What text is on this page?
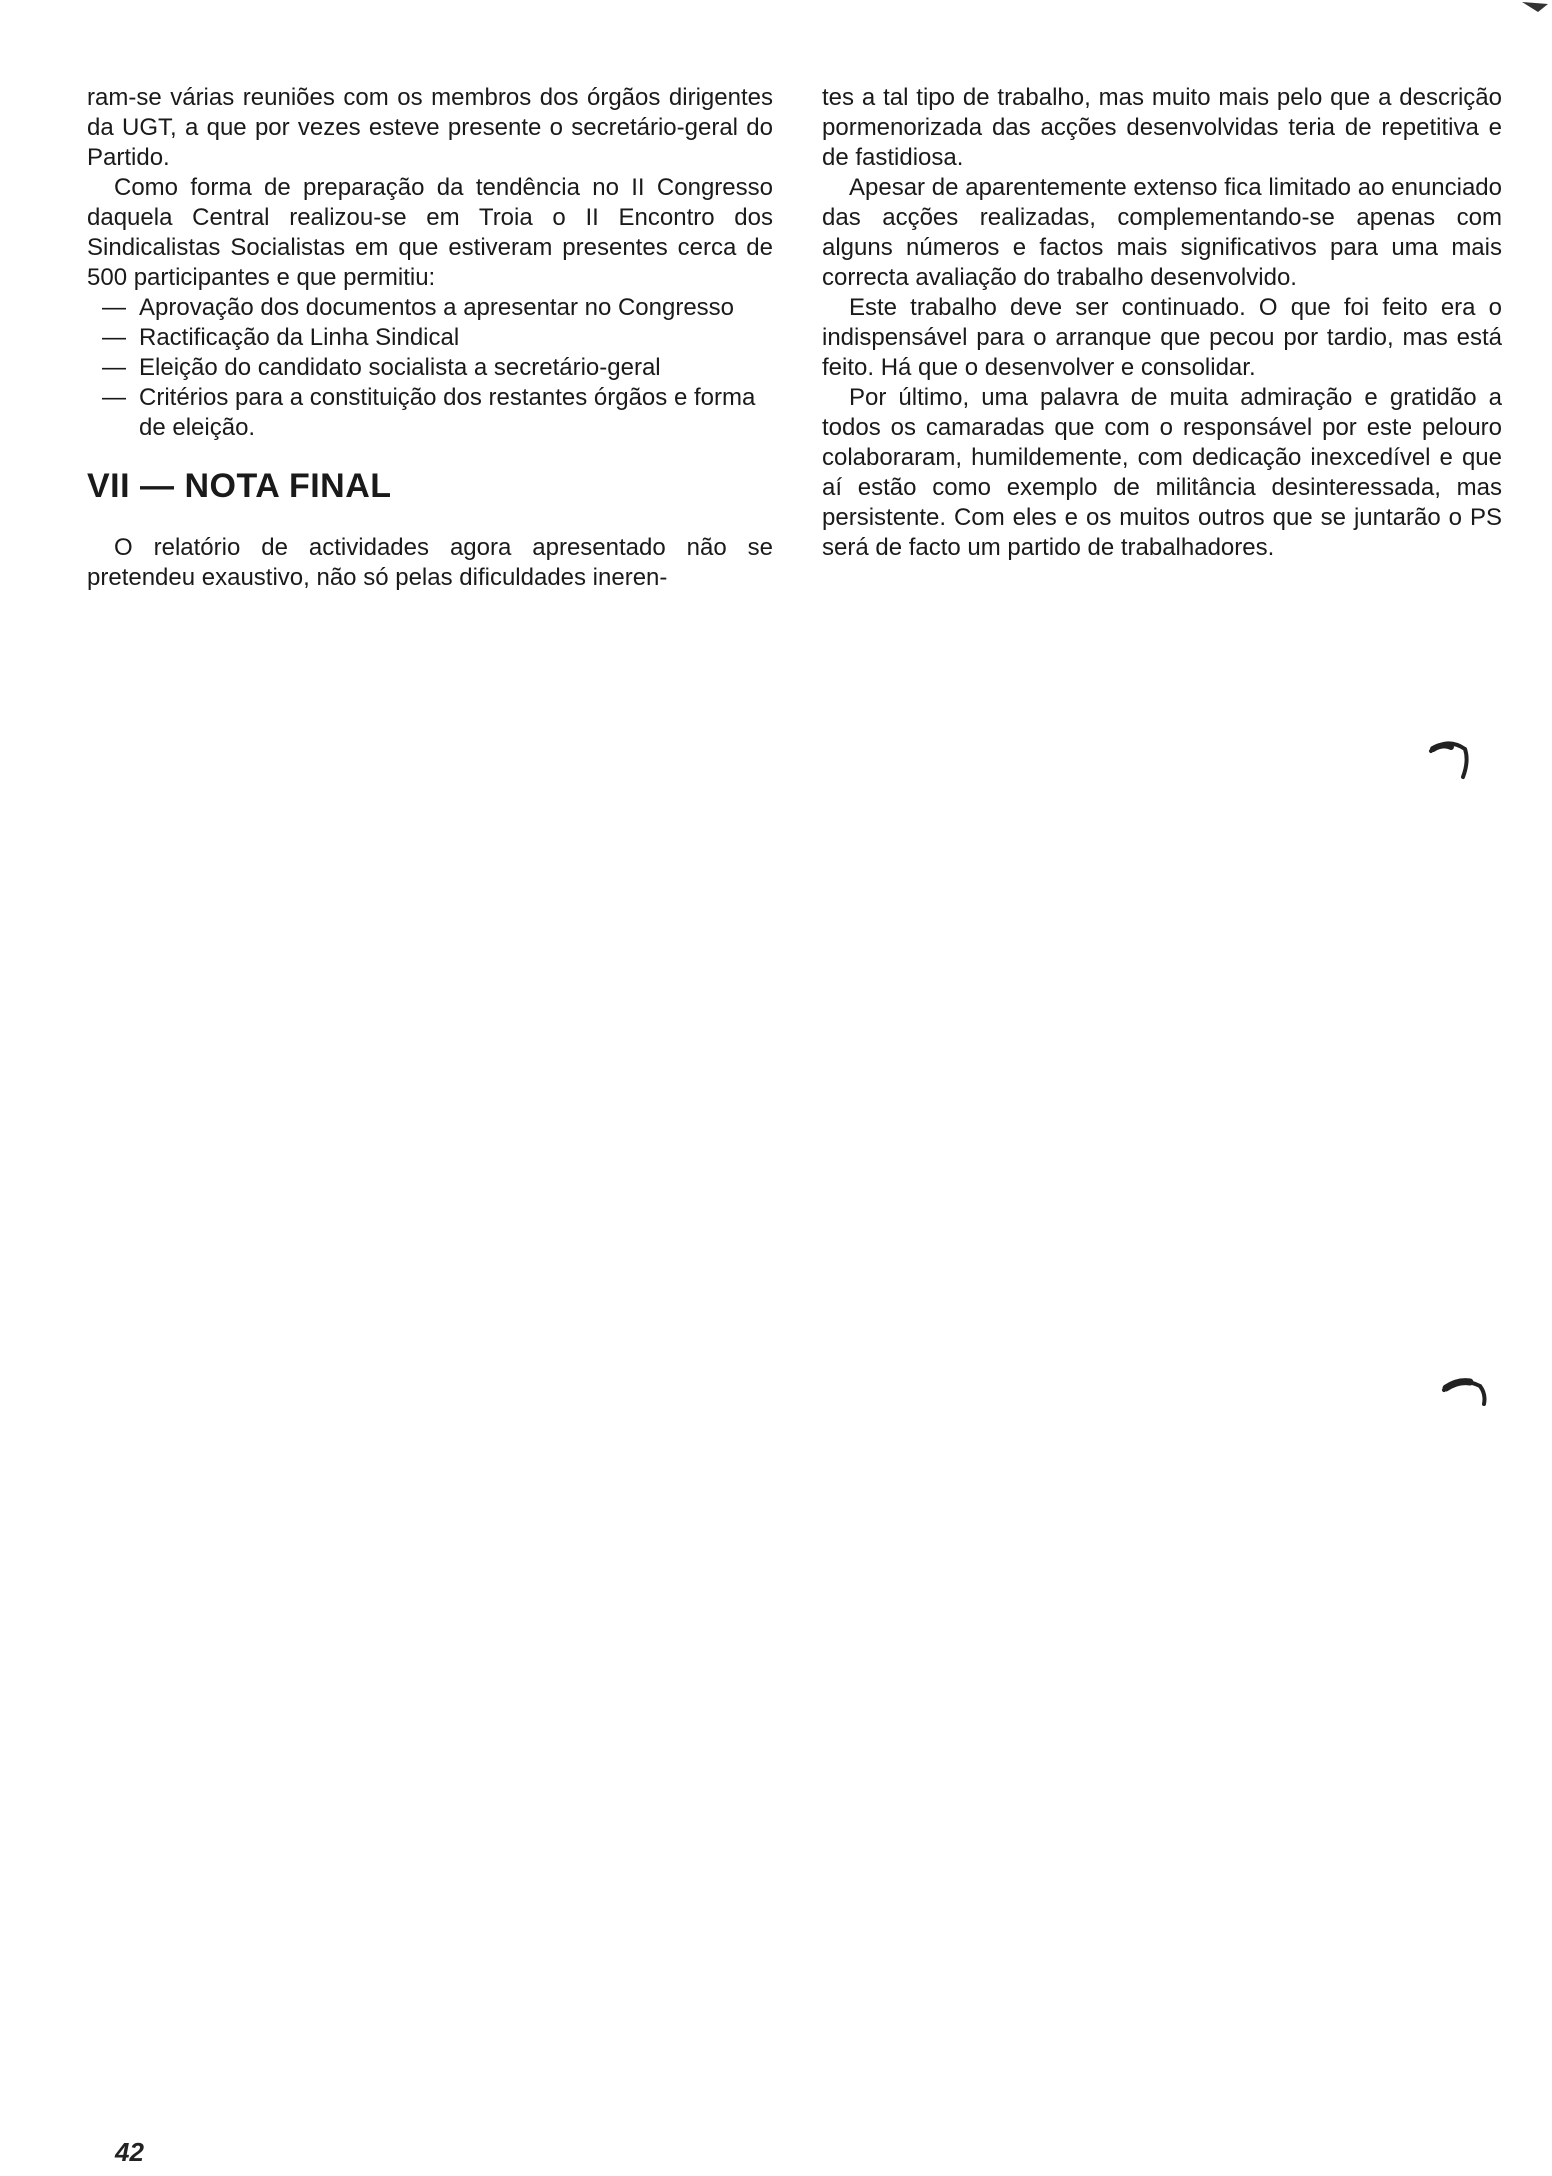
ram-se várias reuniões com os membros dos órgãos dirigentes da UGT, a que por vezes esteve presente o secretário-geral do Partido.

Como forma de preparação da tendência no II Congresso daquela Central realizou-se em Troia o II Encontro dos Sindicalistas Socialistas em que estiveram presentes cerca de 500 participantes e que permitiu:

— Aprovação dos documentos a apresentar no Congresso
— Ractificação da Linha Sindical
— Eleição do candidato socialista a secretário-geral
— Critérios para a constituição dos restantes órgãos e forma de eleição.
VII — NOTA FINAL

O relatório de actividades agora apresentado não se pretendeu exaustivo, não só pelas dificuldades ineren-

tes a tal tipo de trabalho, mas muito mais pelo que a descrição pormenorizada das acções desenvolvidas teria de repetitiva e de fastidiosa.

Apesar de aparentemente extenso fica limitado ao enunciado das acções realizadas, complementando-se apenas com alguns números e factos mais significativos para uma mais correcta avaliação do trabalho desenvolvido.

Este trabalho deve ser continuado. O que foi feito era o indispensável para o arranque que pecou por tardio, mas está feito. Há que o desenvolver e consolidar.

Por último, uma palavra de muita admiração e gratidão a todos os camaradas que com o responsável por este pelouro colaboraram, humildemente, com dedicação inexcedível e que aí estão como exemplo de militância desinteressada, mas persistente. Com eles e os muitos outros que se juntarão o PS será de facto um partido de trabalhadores.

42
